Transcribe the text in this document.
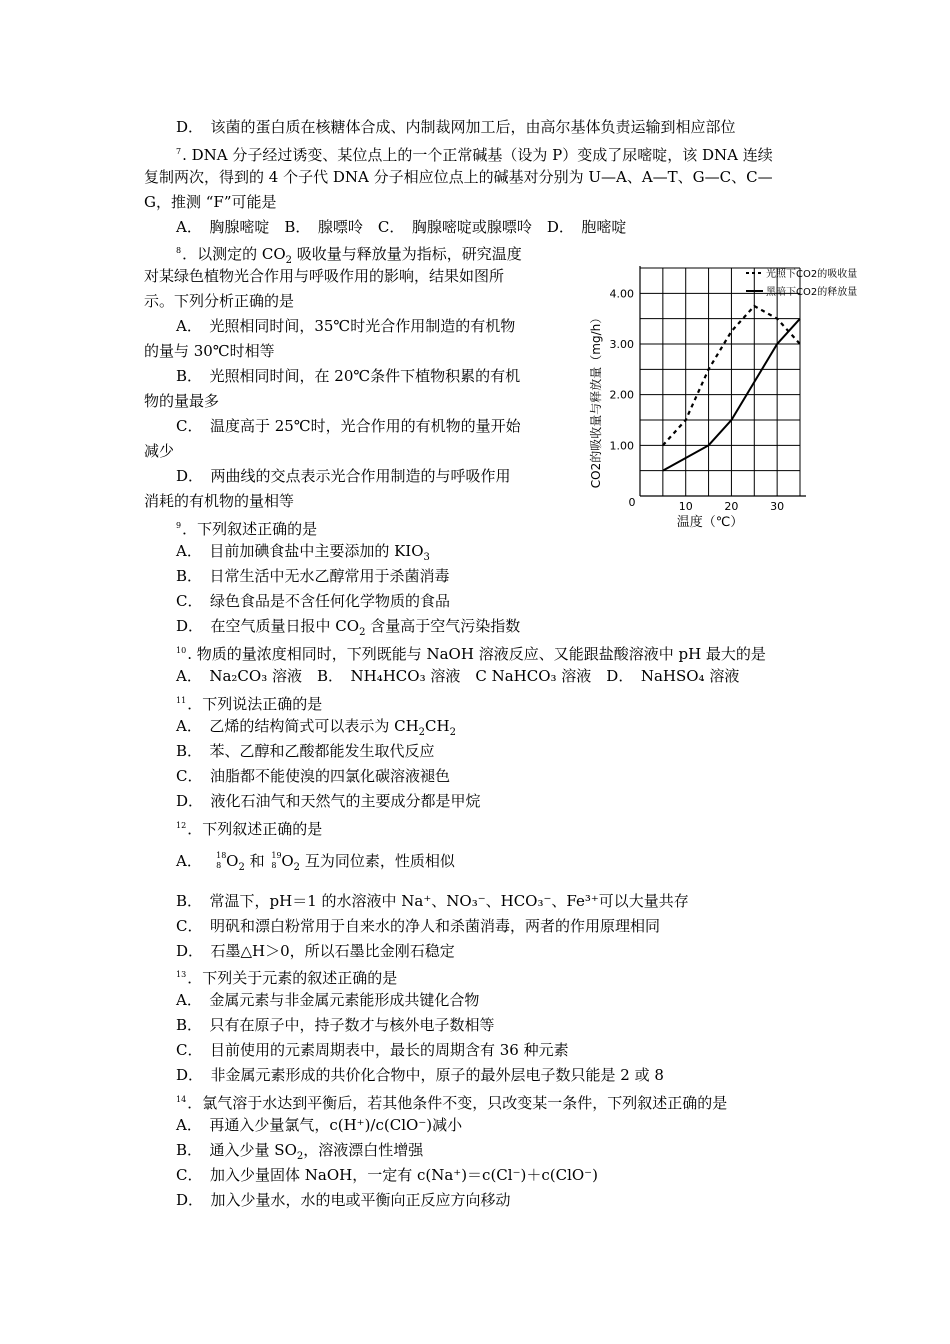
D．　该菌的蛋白质在核糖体合成、内制裁网加工后，由高尔基体负责运输到相应部位
$^7$. DNA 分子经过诱变、某位点上的一个正常碱基（设为 P）变成了尿嘧啶，该 DNA 连续
复制两次，得到的 4 个子代 DNA 分子相应位点上的碱基对分别为 U—A、A—T、G—C、C—
G，推测 “F”可能是
A．　胸腺嘧啶　B．　腺嘌呤　C．　胸腺嘧啶或腺嘌呤　D．　胞嘧啶
$^8$．以测定的 $CO_2$ 吸收量与释放量为指标，研究温度
对某绿色植物光合作用与呼吸作用的影响，结果如图所
示。下列分析正确的是
A．　光照相同时间，35℃时光合作用制造的有机物
的量与 30℃时相等
B．　光照相同时间，在 20℃条件下植物积累的有机
物的量最多
C．　温度高于 25℃时，光合作用的有机物的量开始
减少
D．　两曲线的交点表示光合作用制造的与呼吸作用
消耗的有机物的量相等
1.00
2.00
3.00
4.00
0	10	20	30
光照下CO2的吸收量
黑暗下CO2的释放量
CO2的吸收量与释放量（mg/h）
温度（℃）
$^9$．下列叙述正确的是
A．　目前加碘食盐中主要添加的 $KIO_3$
B．　日常生活中无水乙醇常用于杀菌消毒
C．　绿色食品是不含任何化学物质的食品
D．　在空气质量日报中 $CO_2$ 含量高于空气污染指数
$^{10}$. 物质的量浓度相同时，下列既能与 NaOH 溶液反应、又能跟盐酸溶液中 pH 最大的是
A．　Na₂CO₃ 溶液　B．　NH₄HCO₃ 溶液　C NaHCO₃ 溶液　D．　NaHSO₄ 溶液
$^{11}$．下列说法正确的是
A．　乙烯的结构简式可以表示为 $CH_2CH_2$
B．　苯、乙醇和乙酸都能发生取代反应
C．　油脂都不能使溴的四氯化碳溶液褪色
D．　液化石油气和天然气的主要成分都是甲烷
$^{12}$．下列叙述正确的是
A．　	18
8 $O_2$ 和 19
8 $O_2$ 互为同位素，性质相似
B．　常温下，pH＝1 的水溶液中 Na⁺、NO₃⁻、HCO₃⁻、Fe³⁺可以大量共存
C．　明矾和漂白粉常用于自来水的净人和杀菌消毒，两者的作用原理相同
D．　石墨△H＞0，所以石墨比金刚石稳定
$^{13}$．下列关于元素的叙述正确的是
A．　金属元素与非金属元素能形成共键化合物
B．　只有在原子中，持子数才与核外电子数相等
C．　目前使用的元素周期表中，最长的周期含有 36 种元素
D．　非金属元素形成的共价化合物中，原子的最外层电子数只能是 2 或 8
$^{14}$．氯气溶于水达到平衡后，若其他条件不变，只改变某一条件，下列叙述正确的是
A．　再通入少量氯气，c(H⁺)/c(ClO⁻)减小
B．　通入少量 $SO_2$，溶液漂白性增强
C．　加入少量固体 NaOH，一定有 c(Na⁺)＝c(Cl⁻)＋c(ClO⁻)
D．　加入少量水，水的电或平衡向正反应方向移动
